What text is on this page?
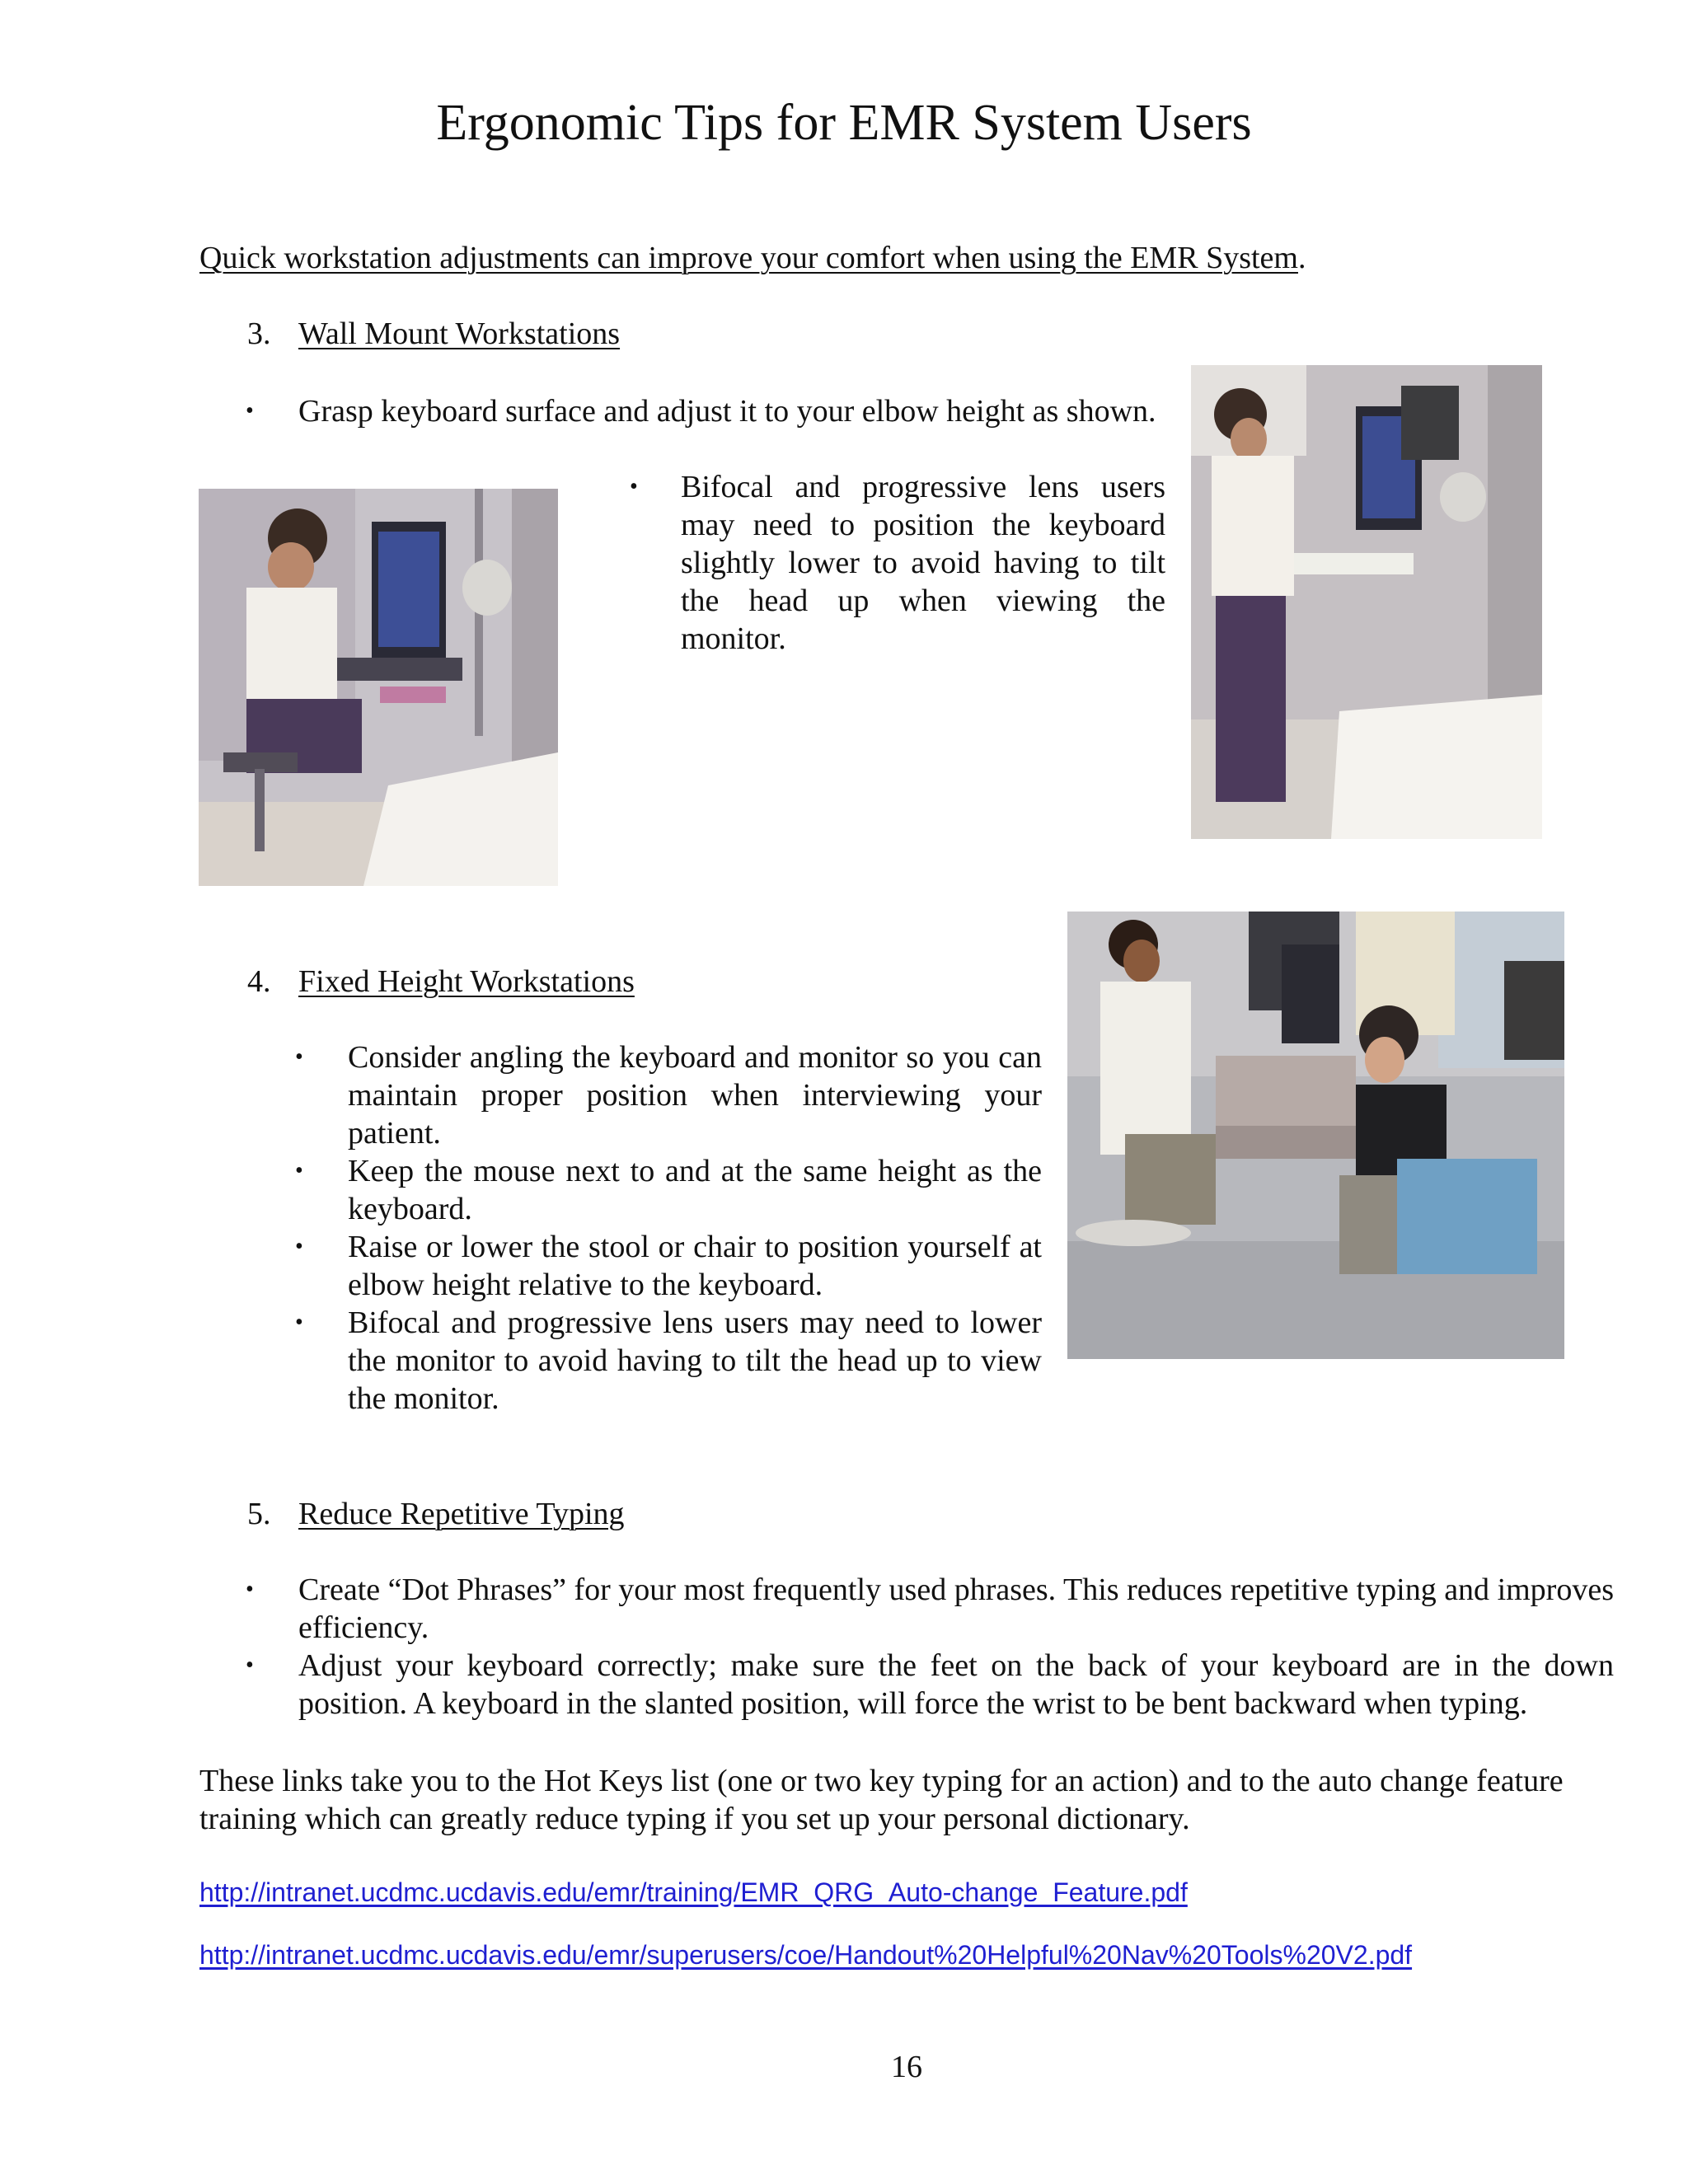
Ergonomic Tips for EMR System Users
Quick workstation adjustments can improve your comfort when using the EMR System.
3. Wall Mount Workstations
• Grasp keyboard surface and adjust it to your elbow height as shown.
• Bifocal and progressive lens users may need to position the keyboard slightly lower to avoid having to tilt the head up when viewing the monitor.
4. Fixed Height Workstations
• Consider angling the keyboard and monitor so you can maintain proper position when interviewing your patient.
• Keep the mouse next to and at the same height as the keyboard.
• Raise or lower the stool or chair to position yourself at elbow height relative to the keyboard.
• Bifocal and progressive lens users may need to lower the monitor to avoid having to tilt the head up to view the monitor.
5. Reduce Repetitive Typing
• Create “Dot Phrases” for your most frequently used phrases. This reduces repetitive typing and improves efficiency.
• Adjust your keyboard correctly; make sure the feet on the back of your keyboard are in the down position. A keyboard in the slanted position, will force the wrist to be bent backward when typing.
These links take you to the Hot Keys list (one or two key typing for an action) and to the auto change feature training which can greatly reduce typing if you set up your personal dictionary.
http://intranet.ucdmc.ucdavis.edu/emr/training/EMR_QRG_Auto-change_Feature.pdf
http://intranet.ucdmc.ucdavis.edu/emr/superusers/coe/Handout%20Helpful%20Nav%20Tools%20V2.pdf
16
